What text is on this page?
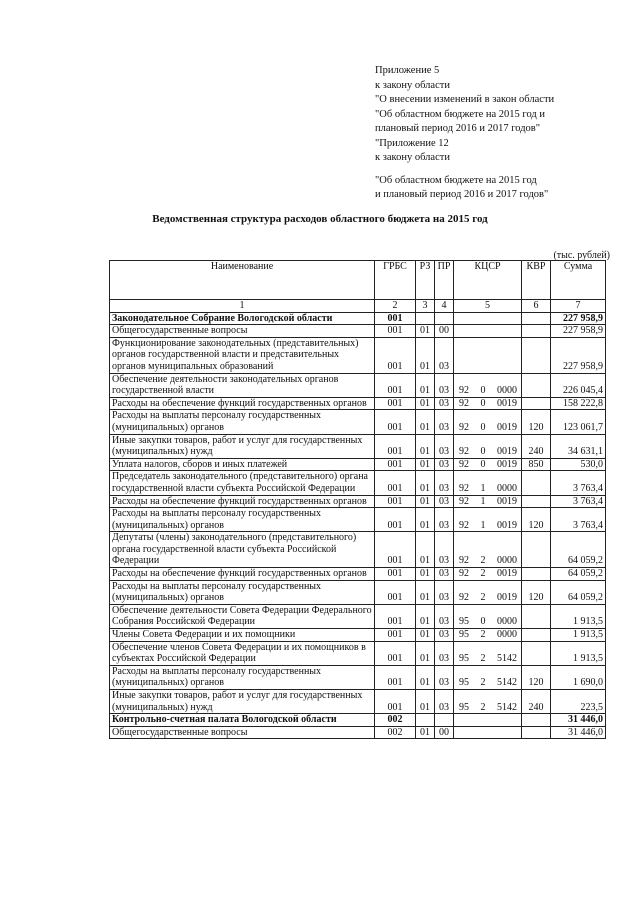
Приложение 5
к закону области
"О внесении изменений в закон области
"Об областном бюджете на 2015 год и
плановый период 2016 и 2017 годов"
"Приложение 12
к закону области
"Об областном бюджете на 2015 год
и плановый период 2016 и 2017 годов"
Ведомственная структура расходов областного бюджета на 2015 год
(тыс. рублей)
Наименование	ГРБС	РЗ	ПР	КЦСР	КВР	Сумма
1	2	3	4	5	6	7
Законодательное Собрание Вологодской области	001					227 958,9
Общегосударственные вопросы	001	01	00			227 958,9
Функционирование законодательных (представительных) органов государственной власти и представительных органов муниципальных образований	001	01	03			227 958,9
Обеспечение деятельности законодательных органов государственной власти	001	01	03	92 0 0000		226 045,4
Расходы на обеспечение функций государственных органов	001	01	03	92 0 0019		158 222,8
Расходы на выплаты персоналу государственных (муниципальных) органов	001	01	03	92 0 0019	120	123 061,7
Иные закупки товаров, работ и услуг для государственных (муниципальных) нужд	001	01	03	92 0 0019	240	34 631,1
Уплата налогов, сборов и иных платежей	001	01	03	92 0 0019	850	530,0
Председатель законодательного (представительного) органа государственной власти субъекта Российской Федерации	001	01	03	92 1 0000		3 763,4
Расходы на обеспечение функций государственных органов	001	01	03	92 1 0019		3 763,4
Расходы на выплаты персоналу государственных (муниципальных) органов	001	01	03	92 1 0019	120	3 763,4
Депутаты (члены) законодательного (представительного) органа государственной власти субъекта Российской Федерации	001	01	03	92 2 0000		64 059,2
Расходы на обеспечение функций государственных органов	001	01	03	92 2 0019		64 059,2
Расходы на выплаты персоналу государственных (муниципальных) органов	001	01	03	92 2 0019	120	64 059,2
Обеспечение деятельности Совета Федерации Федерального Собрания Российской Федерации	001	01	03	95 0 0000		1 913,5
Члены Совета Федерации и их помощники	001	01	03	95 2 0000		1 913,5
Обеспечение членов Совета Федерации и их помощников в субъектах Российской Федерации	001	01	03	95 2 5142		1 913,5
Расходы на выплаты персоналу государственных (муниципальных) органов	001	01	03	95 2 5142	120	1 690,0
Иные закупки товаров, работ и услуг для государственных (муниципальных) нужд	001	01	03	95 2 5142	240	223,5
Контрольно-счетная палата Вологодской области	002					31 446,0
Общегосударственные вопросы	002	01	00			31 446,0
